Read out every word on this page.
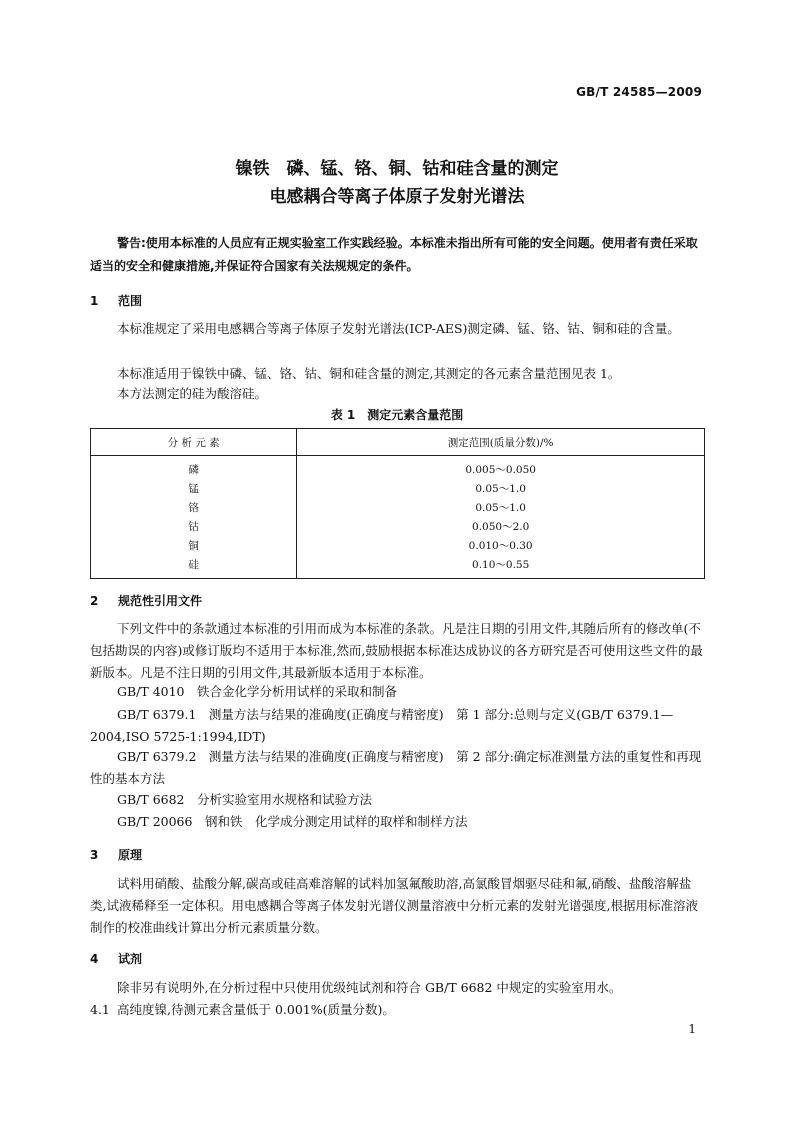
GB/T 24585—2009
镍铁　磷、锰、铬、铜、钴和硅含量的测定
电感耦合等离子体原子发射光谱法
警告:使用本标准的人员应有正规实验室工作实践经验。本标准未指出所有可能的安全问题。使用者有责任采取适当的安全和健康措施,并保证符合国家有关法规规定的条件。
1 范围
本标准规定了采用电感耦合等离子体原子发射光谱法(ICP-AES)测定磷、锰、铬、钴、铜和硅的含量。
本标准适用于镍铁中磷、锰、铬、钴、铜和硅含量的测定,其测定的各元素含量范围见表 1。
本方法测定的硅为酸溶硅。
表 1　测定元素含量范围
分 析 元 素	测定范围(质量分数)/%
磷	0.005～0.050
锰	0.05～1.0
铬	0.05～1.0
钴	0.050～2.0
铜	0.010～0.30
硅	0.10～0.55
2 规范性引用文件
下列文件中的条款通过本标准的引用而成为本标准的条款。凡是注日期的引用文件,其随后所有的修改单(不包括勘误的内容)或修订版均不适用于本标准,然而,鼓励根据本标准达成协议的各方研究是否可使用这些文件的最新版本。凡是不注日期的引用文件,其最新版本适用于本标准。
GB/T 4010　铁合金化学分析用试样的采取和制备
GB/T 6379.1　测量方法与结果的准确度(正确度与精密度)　第 1 部分:总则与定义(GB/T 6379.1—2004,ISO 5725-1:1994,IDT)
GB/T 6379.2　测量方法与结果的准确度(正确度与精密度)　第 2 部分:确定标准测量方法的重复性和再现性的基本方法
GB/T 6682　分析实验室用水规格和试验方法
GB/T 20066　钢和铁　化学成分测定用试样的取样和制样方法
3 原理
试料用硝酸、盐酸分解,碳高或硅高难溶解的试料加氢氟酸助溶,高氯酸冒烟驱尽硅和氟,硝酸、盐酸溶解盐类,试液稀释至一定体积。用电感耦合等离子体发射光谱仪测量溶液中分析元素的发射光谱强度,根据用标准溶液制作的校准曲线计算出分析元素质量分数。
4 试剂
除非另有说明外,在分析过程中只使用优级纯试剂和符合 GB/T 6682 中规定的实验室用水。
4.1 高纯度镍,待测元素含量低于 0.001%(质量分数)。
1
